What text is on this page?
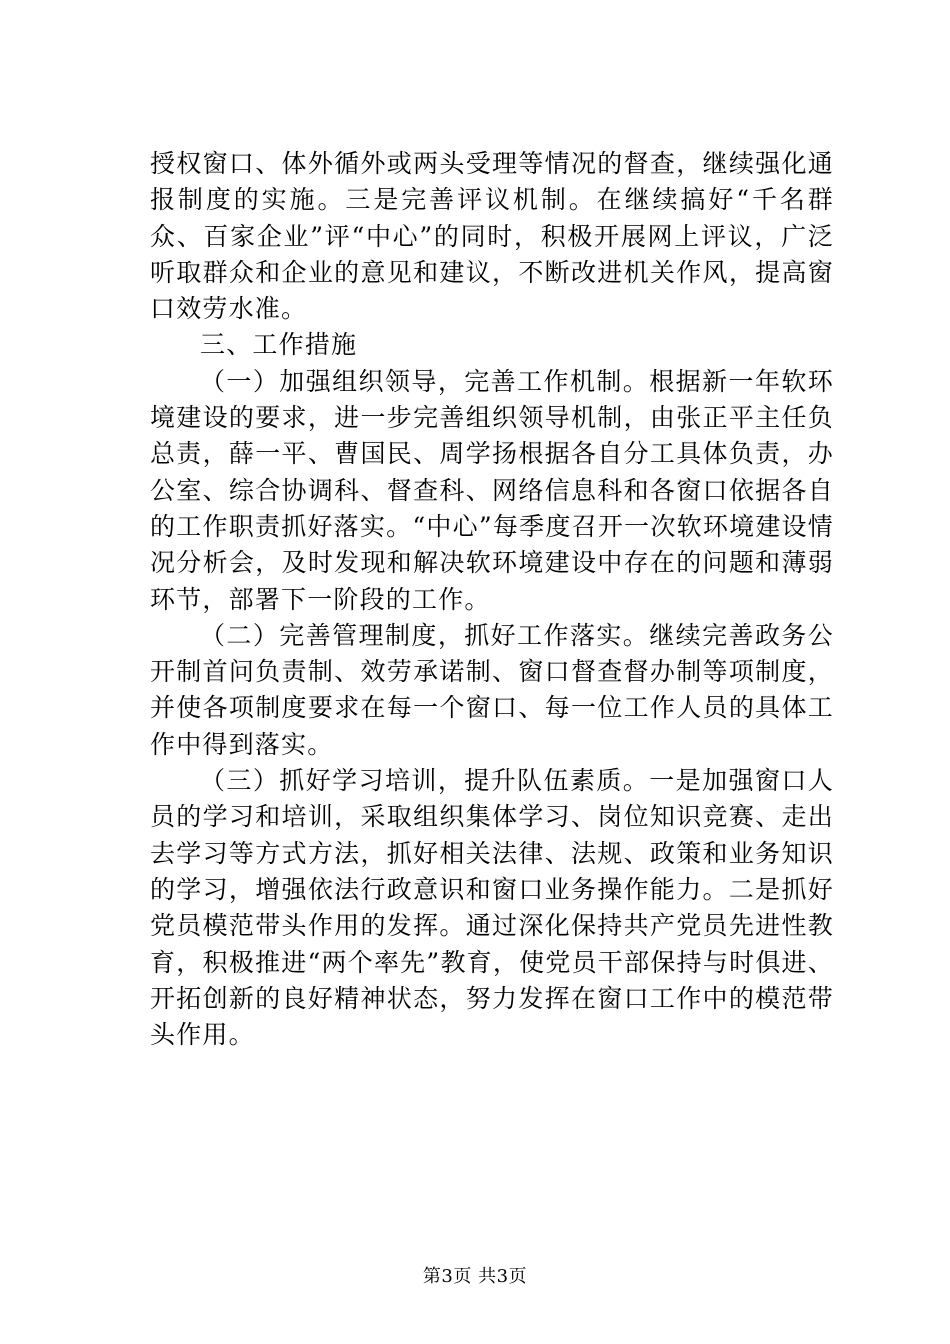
授权窗口、体外循外或两头受理等情况的督查，继续强化通报制度的实施。三是完善评议机制。在继续搞好“千名群众、百家企业”评“中心”的同时，积极开展网上评议，广泛听取群众和企业的意见和建议，不断改进机关作风，提高窗口效劳水准。

三、工作措施

（一）加强组织领导，完善工作机制。根据新一年软环境建设的要求，进一步完善组织领导机制，由张正平主任负总责，薛一平、曹国民、周学扬根据各自分工具体负责，办公室、综合协调科、督查科、网络信息科和各窗口依据各自的工作职责抓好落实。“中心”每季度召开一次软环境建设情况分析会，及时发现和解决软环境建设中存在的问题和薄弱环节，部署下一阶段的工作。

（二）完善管理制度，抓好工作落实。继续完善政务公开制首问负责制、效劳承诺制、窗口督查督办制等项制度，并使各项制度要求在每一个窗口、每一位工作人员的具体工作中得到落实。

（三）抓好学习培训，提升队伍素质。一是加强窗口人员的学习和培训，采取组织集体学习、岗位知识竞赛、走出去学习等方式方法，抓好相关法律、法规、政策和业务知识的学习，增强依法行政意识和窗口业务操作能力。二是抓好党员模范带头作用的发挥。通过深化保持共产党员先进性教育，积极推进“两个率先”教育，使党员干部保持与时俱进、开拓创新的良好精神状态，努力发挥在窗口工作中的模范带头作用。

第3页 共3页
